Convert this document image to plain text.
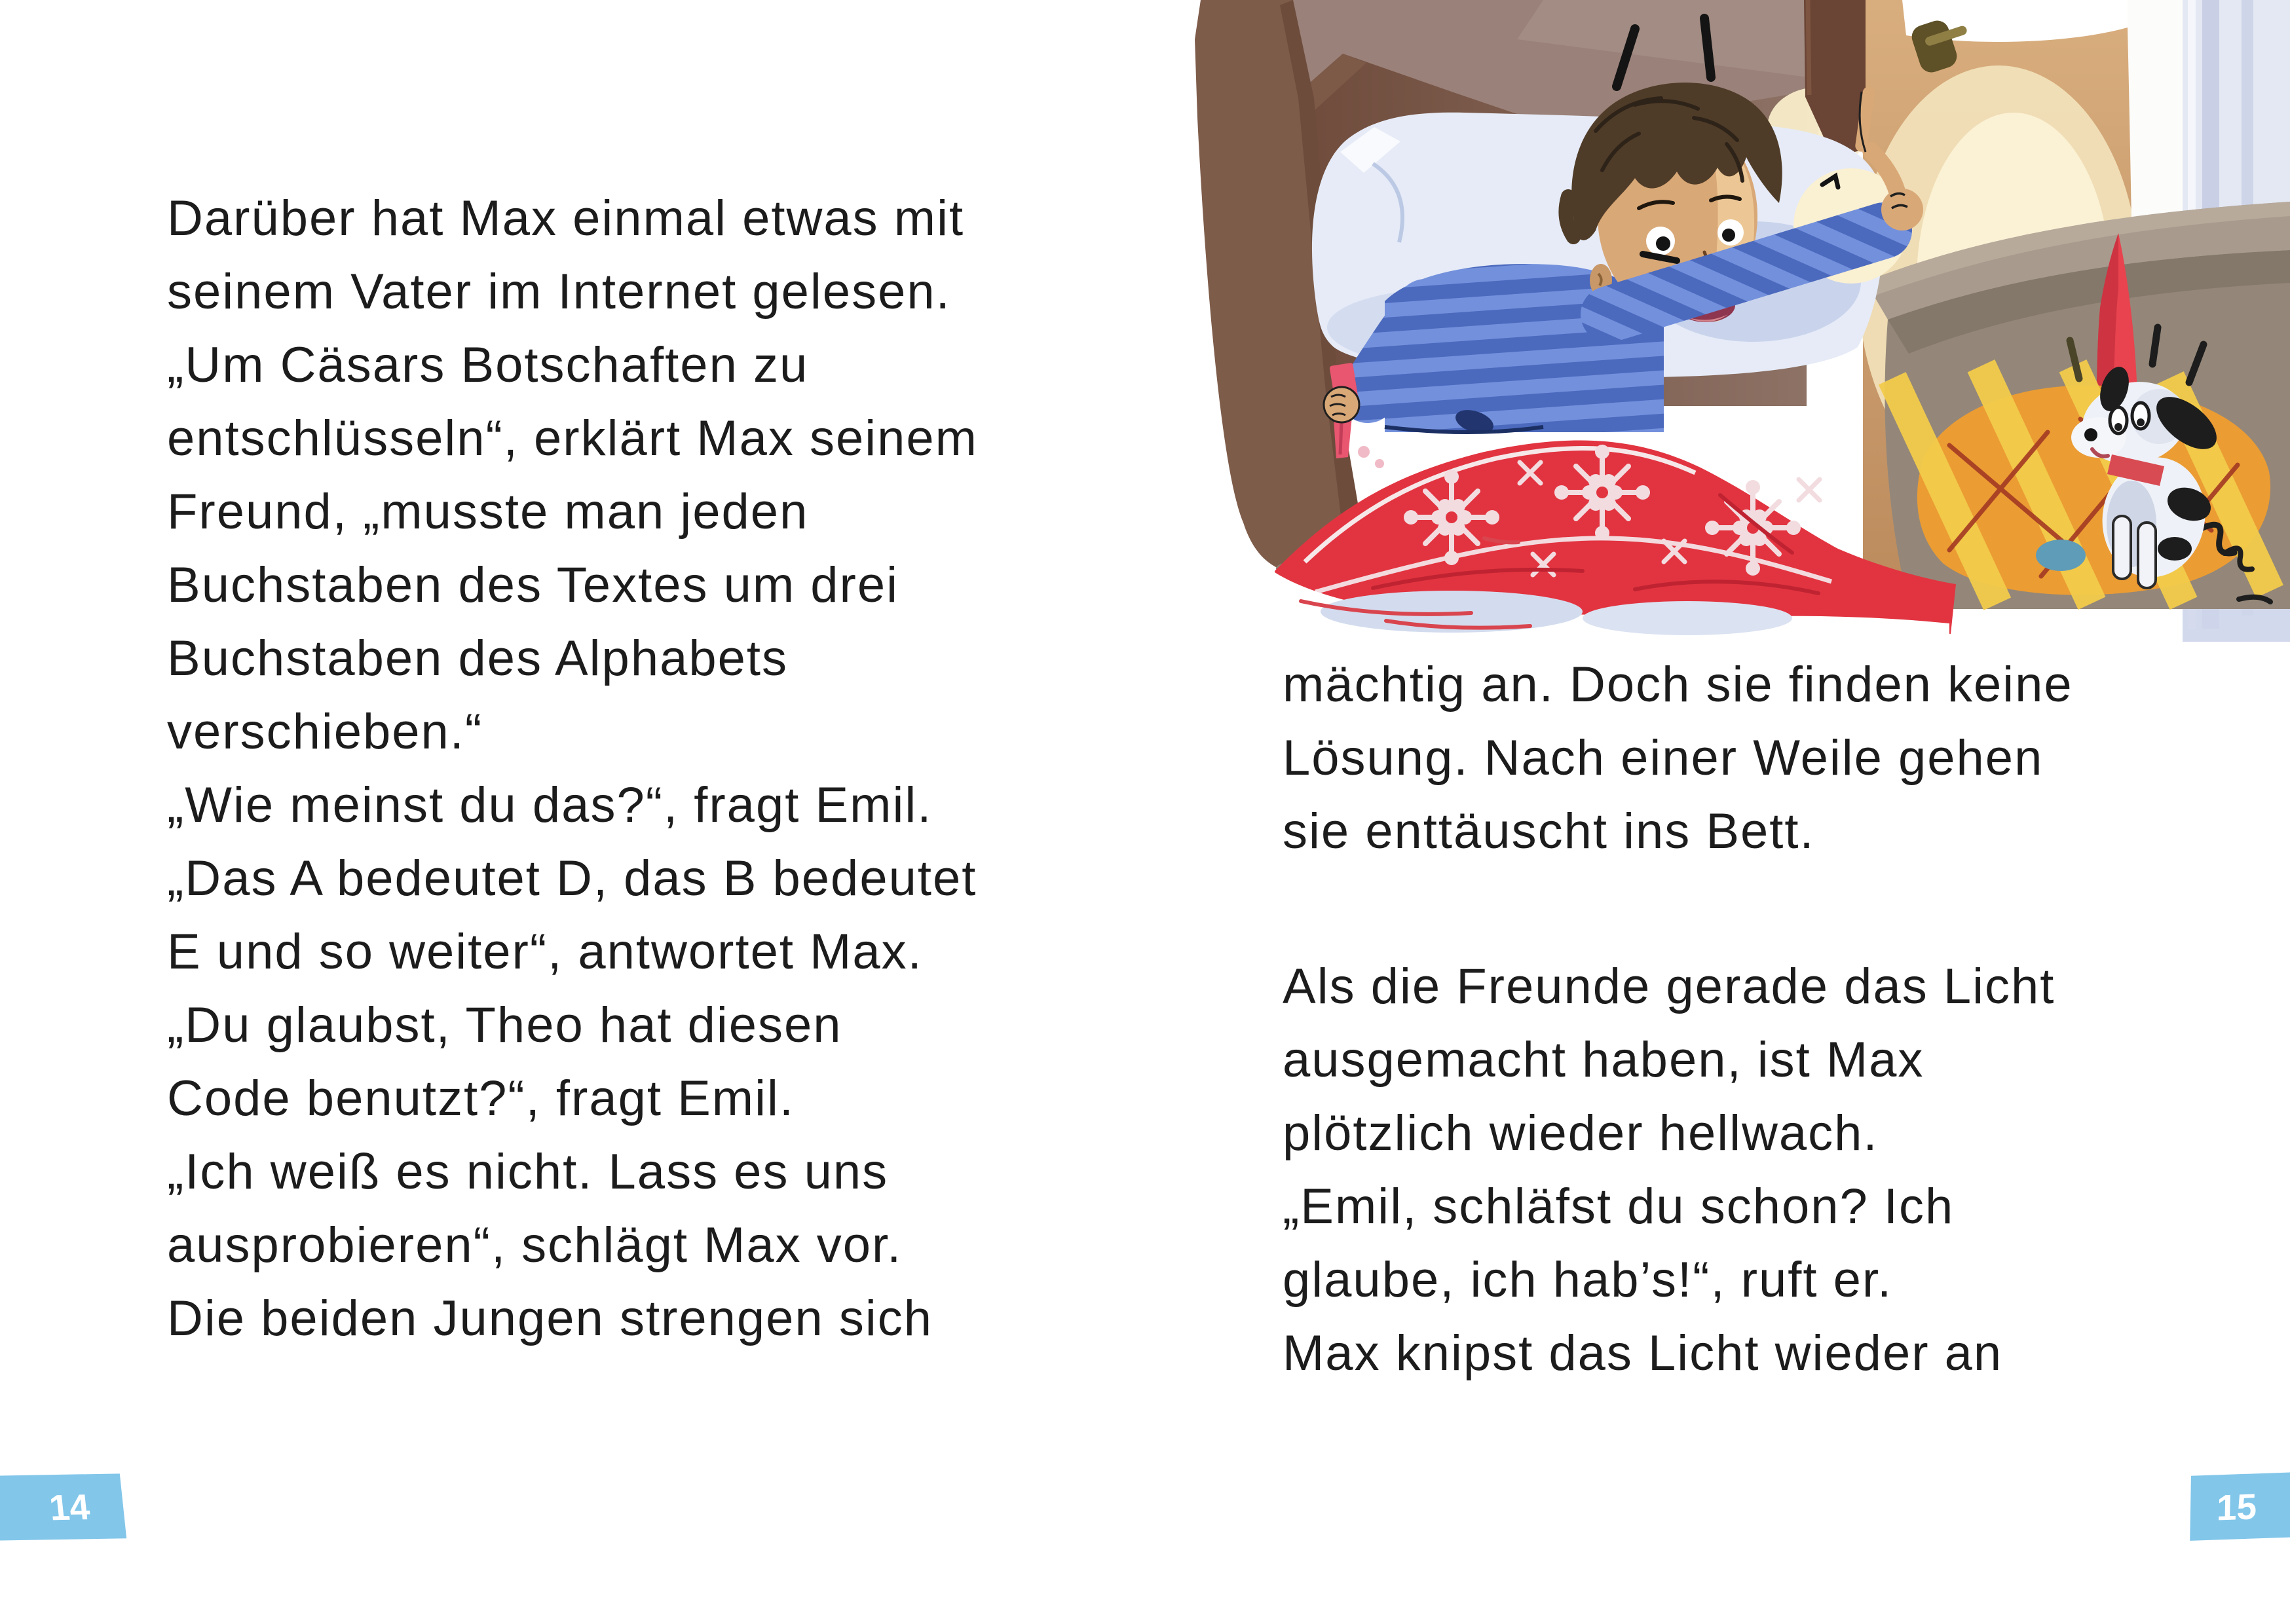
Darüber hat Max einmal etwas mit
seinem Vater im Internet gelesen.
„Um Cäsars Botschaften zu
entschlüsseln“, erklärt Max seinem
Freund, „musste man jeden
Buchstaben des Textes um drei
Buchstaben des Alphabets
verschieben.“
„Wie meinst du das?“, fragt Emil.
„Das A bedeutet D, das B bedeutet
E und so weiter“, antwortet Max.
„Du glaubst, Theo hat diesen
Code benutzt?“, fragt Emil.
„Ich weiß es nicht. Lass es uns
ausprobieren“, schlägt Max vor.
Die beiden Jungen strengen sich
mächtig an. Doch sie finden keine
Lösung. Nach einer Weile gehen
sie enttäuscht ins Bett.
Als die Freunde gerade das Licht
ausgemacht haben, ist Max
plötzlich wieder hellwach.
„Emil, schläfst du schon? Ich
glaube, ich hab’s!“, ruft er.
Max knipst das Licht wieder an
14	15
